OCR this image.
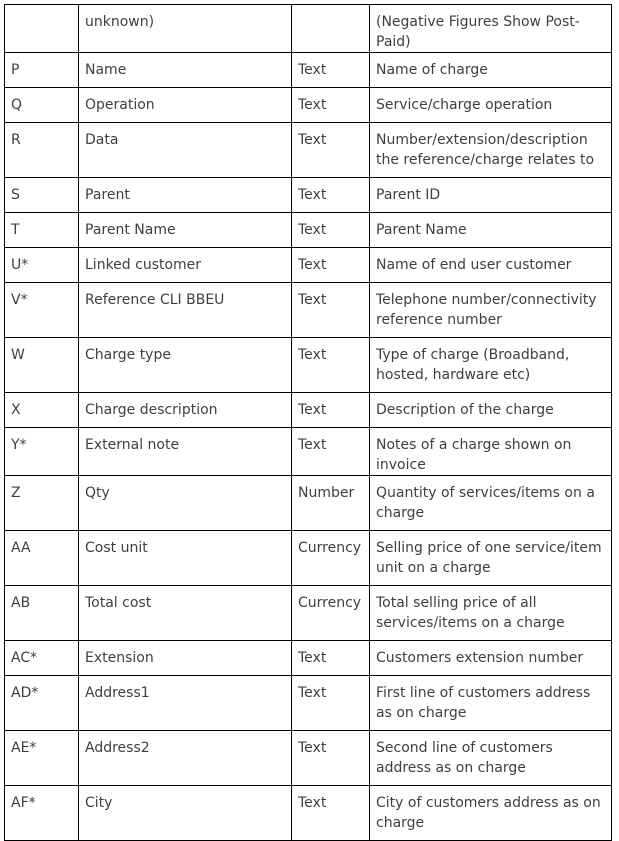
	unknown)		(Negative Figures Show Post-Paid)
P	Name	Text	Name of charge
Q	Operation	Text	Service/charge operation
R	Data	Text	Number/extension/description the reference/charge relates to
S	Parent	Text	Parent ID
T	Parent Name	Text	Parent Name
U*	Linked customer	Text	Name of end user customer
V*	Reference CLI BBEU	Text	Telephone number/connectivity reference number
W	Charge type	Text	Type of charge (Broadband, hosted, hardware etc)
X	Charge description	Text	Description of the charge
Y*	External note	Text	Notes of a charge shown on invoice
Z	Qty	Number	Quantity of services/items on a charge
AA	Cost unit	Currency	Selling price of one service/item unit on a charge
AB	Total cost	Currency	Total selling price of all services/items on a charge
AC*	Extension	Text	Customers extension number
AD*	Address1	Text	First line of customers address as on charge
AE*	Address2	Text	Second line of customers address as on charge
AF*	City	Text	City of customers address as on charge
